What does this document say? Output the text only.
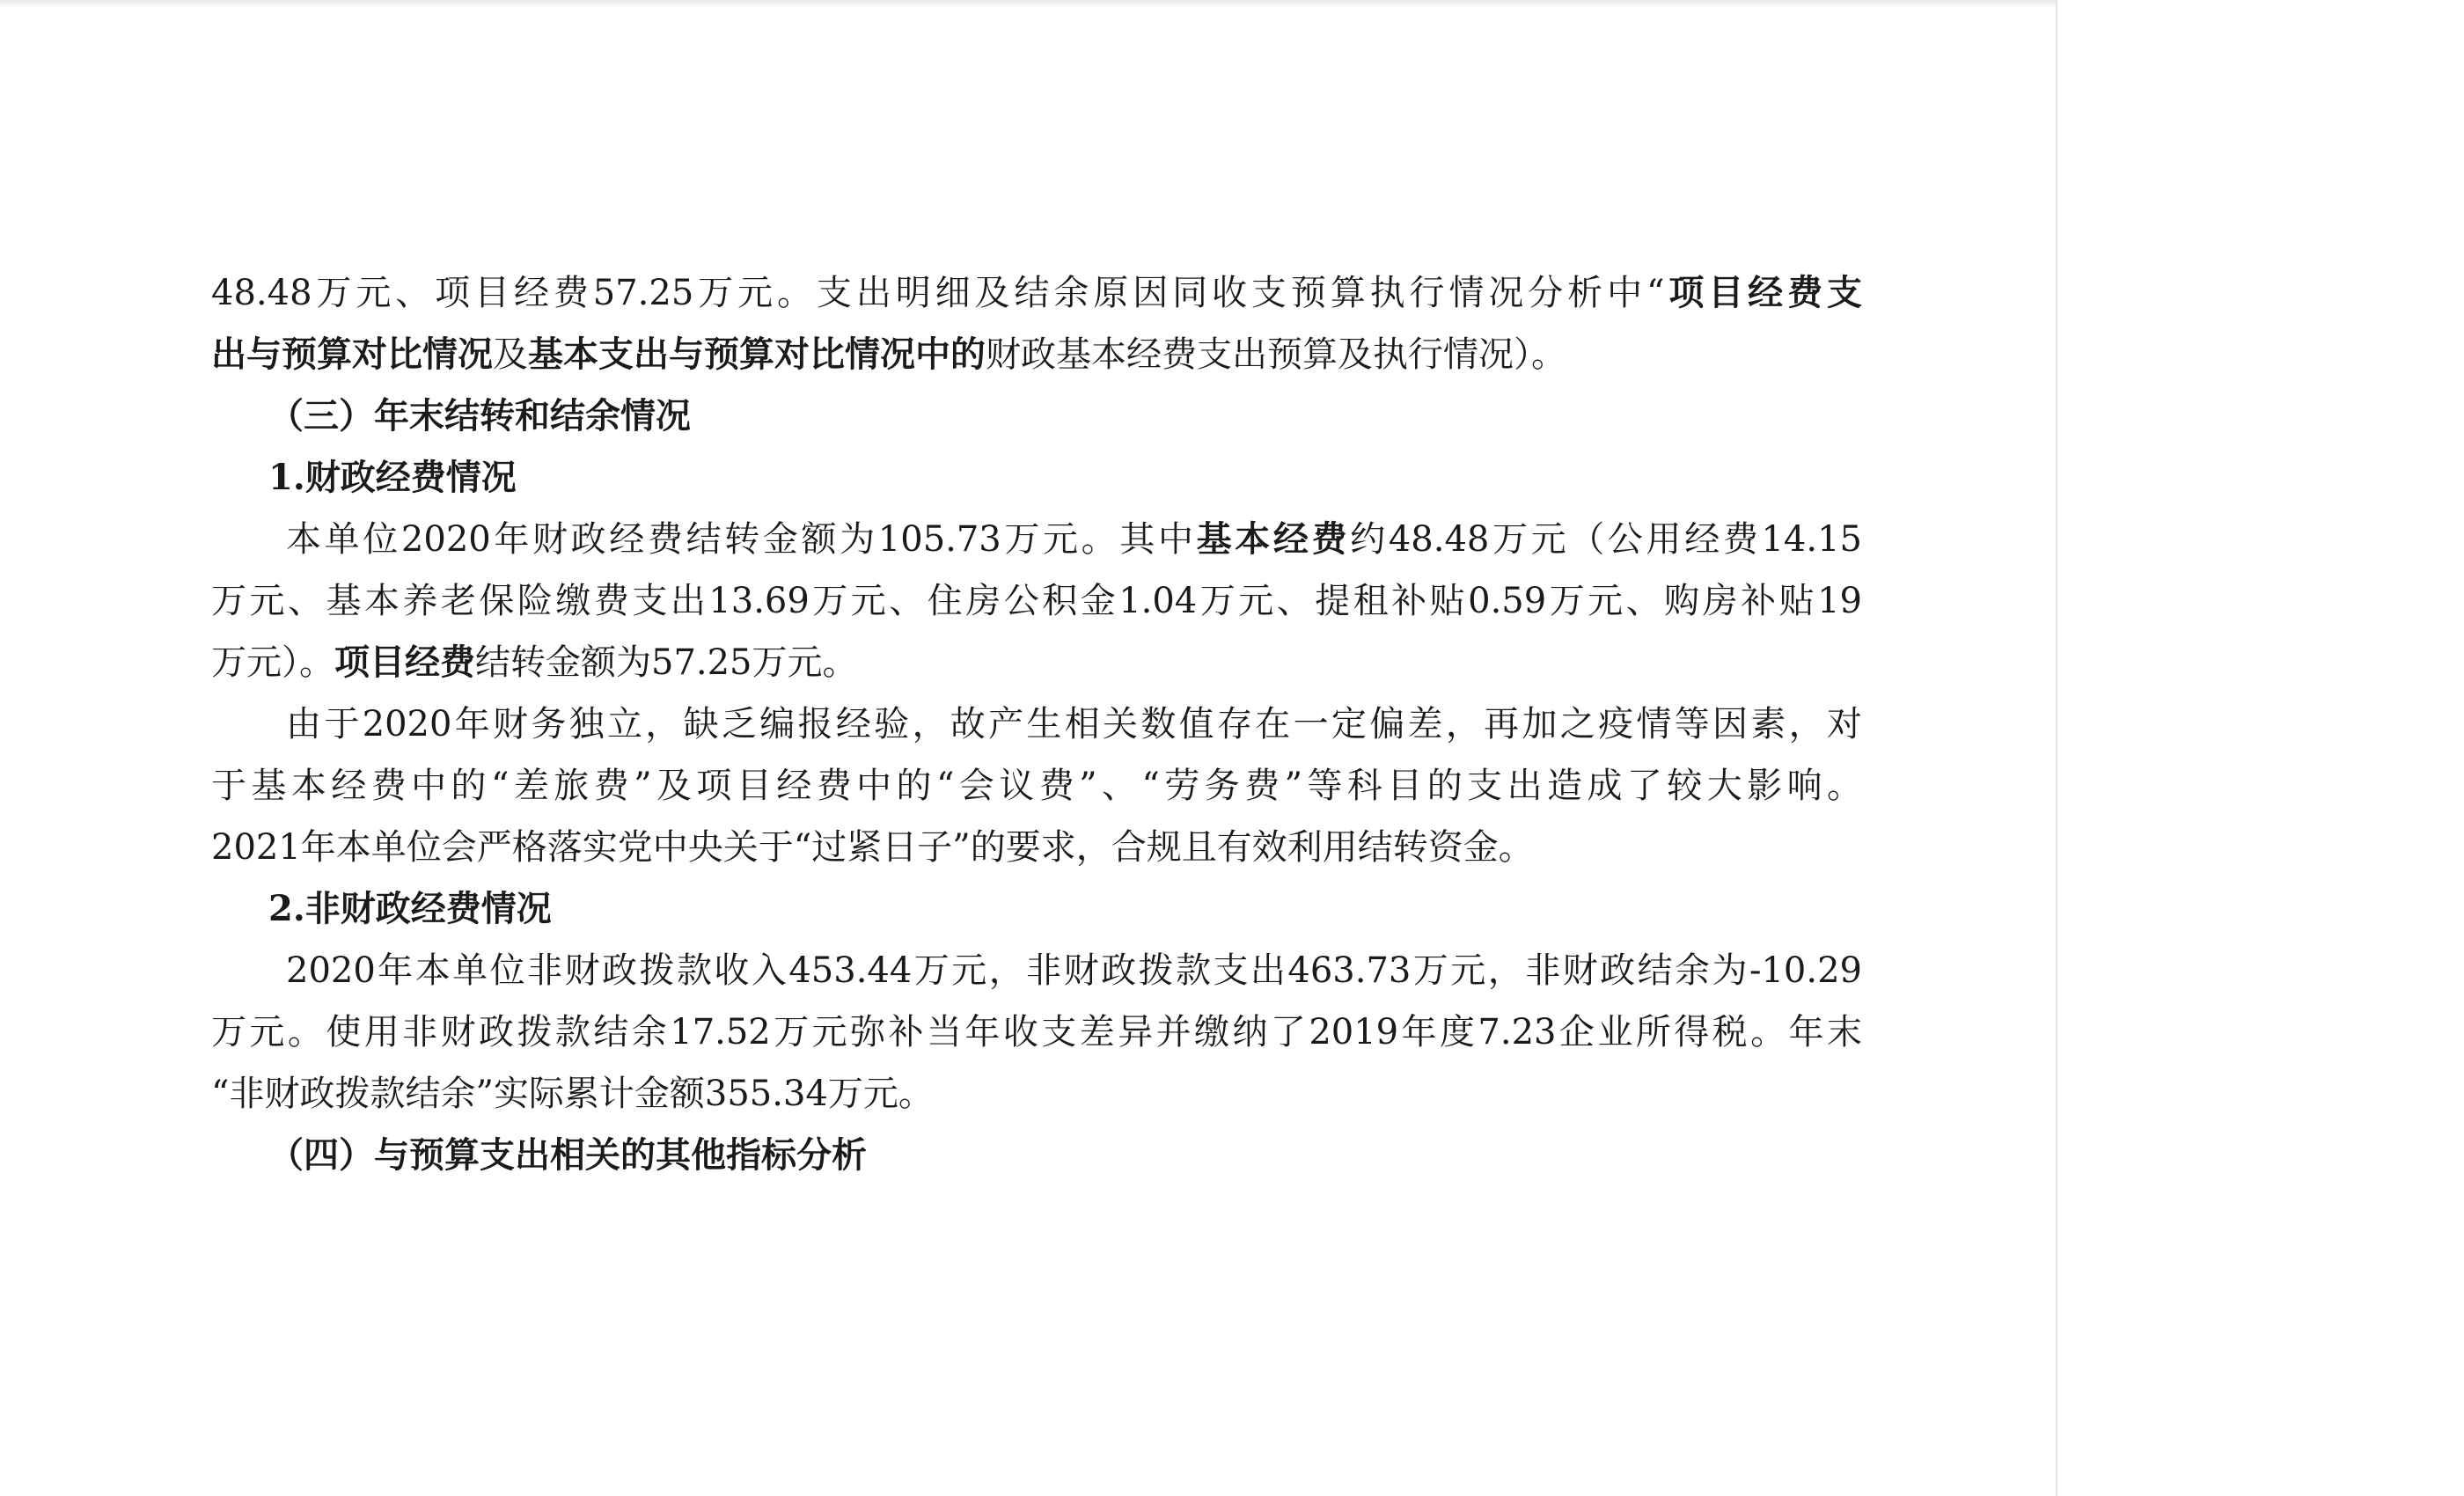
48.48万元、项目经费57.25万元。支出明细及结余原因同收支预算执行情况分析中“项目经费支
出与预算对比情况及基本支出与预算对比情况中的财政基本经费支出预算及执行情况）。
（三）年末结转和结余情况
1.财政经费情况
本单位2020年财政经费结转金额为105.73万元。其中基本经费约48.48万元（公用经费14.15
万元、基本养老保险缴费支出13.69万元、住房公积金1.04万元、提租补贴0.59万元、购房补贴19
万元）。项目经费结转金额为57.25万元。
由于2020年财务独立，缺乏编报经验，故产生相关数值存在一定偏差，再加之疫情等因素，对
于基本经费中的“差旅费”及项目经费中的“会议费”、“劳务费”等科目的支出造成了较大影响。
2021年本单位会严格落实党中央关于“过紧日子”的要求，合规且有效利用结转资金。
2.非财政经费情况
2020年本单位非财政拨款收入453.44万元，非财政拨款支出463.73万元，非财政结余为-10.29
万元。使用非财政拨款结余17.52万元弥补当年收支差异并缴纳了2019年度7.23企业所得税。年末
“非财政拨款结余”实际累计金额355.34万元。
（四）与预算支出相关的其他指标分析
